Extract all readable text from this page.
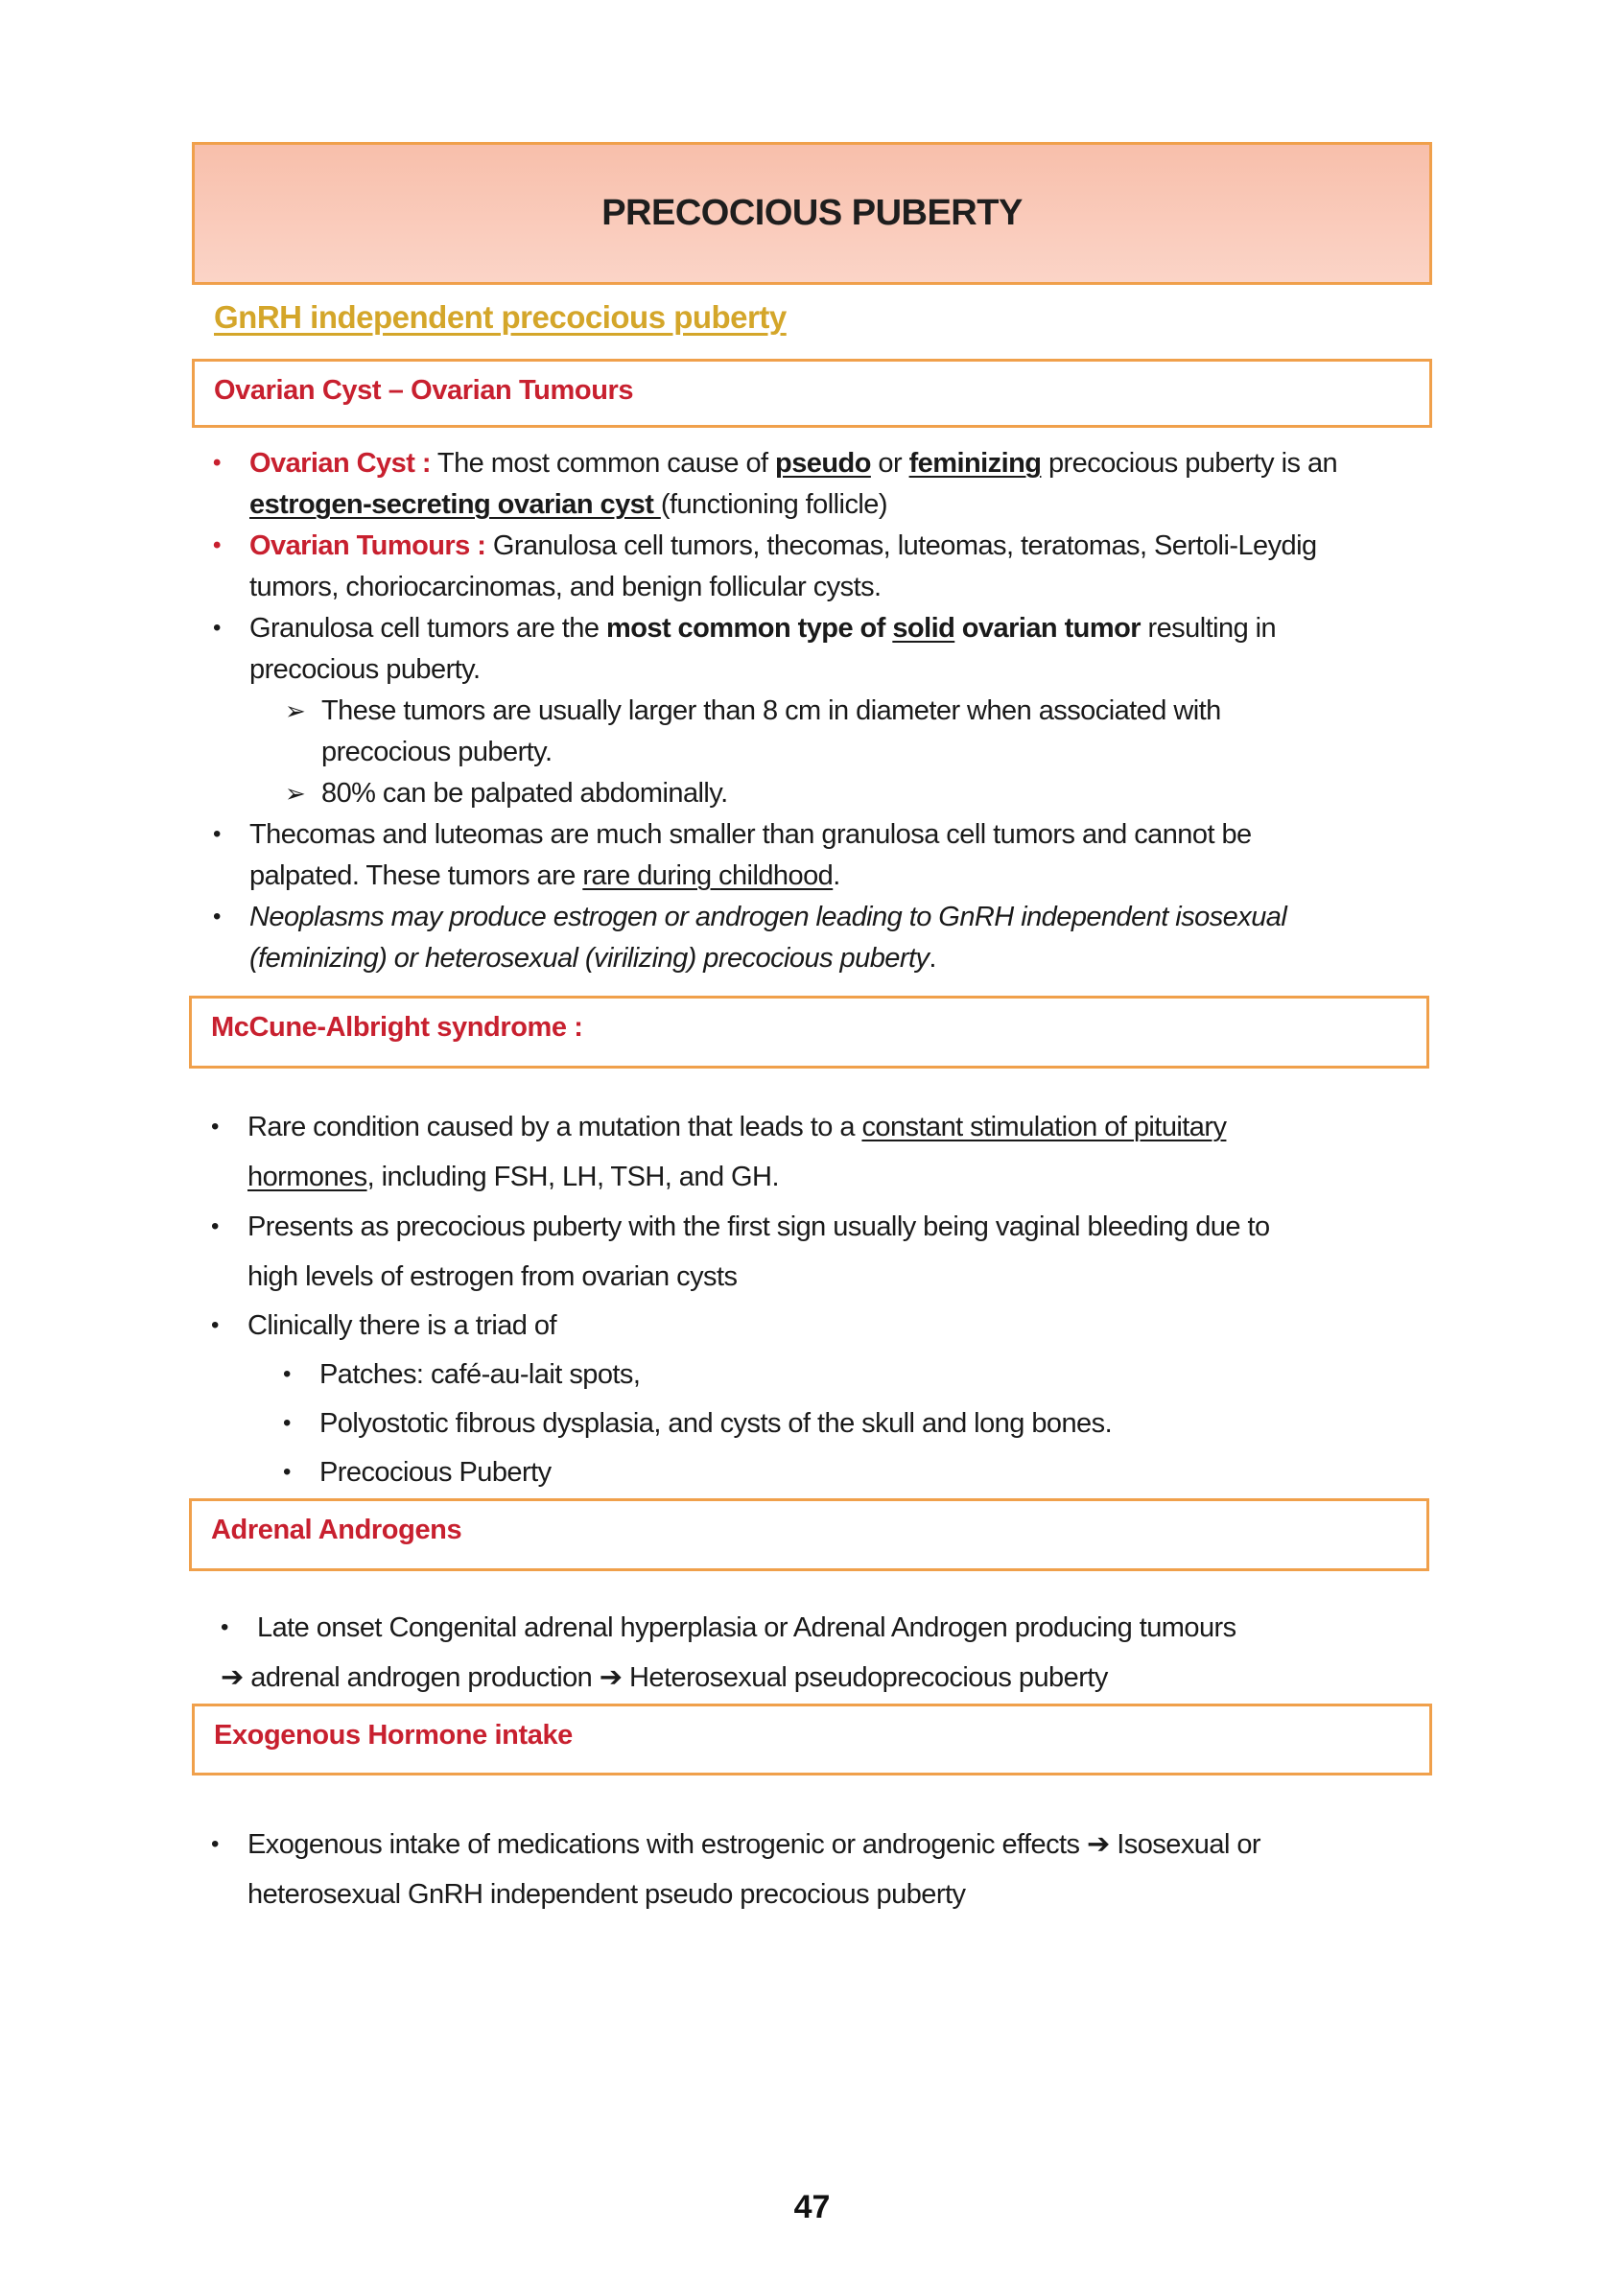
PRECOCIOUS PUBERTY
GnRH independent precocious puberty
Ovarian Cyst – Ovarian Tumours
• Ovarian Cyst : The most common cause of pseudo or feminizing precocious puberty is an
estrogen-secreting ovarian cyst (functioning follicle)
• Ovarian Tumours : Granulosa cell tumors, thecomas, luteomas, teratomas, Sertoli-Leydig
tumors, choriocarcinomas, and benign follicular cysts.
• Granulosa cell tumors are the most common type of solid ovarian tumor resulting in
precocious puberty.
➢ These tumors are usually larger than 8 cm in diameter when associated with
precocious puberty.
➢ 80% can be palpated abdominally.
• Thecomas and luteomas are much smaller than granulosa cell tumors and cannot be
palpated. These tumors are rare during childhood.
• Neoplasms may produce estrogen or androgen leading to GnRH independent isosexual
(feminizing) or heterosexual (virilizing) precocious puberty.
McCune-Albright syndrome :
• Rare condition caused by a mutation that leads to a constant stimulation of pituitary
hormones, including FSH, LH, TSH, and GH.
• Presents as precocious puberty with the first sign usually being vaginal bleeding due to
high levels of estrogen from ovarian cysts
• Clinically there is a triad of
• Patches: café-au-lait spots,
• Polyostotic fibrous dysplasia, and cysts of the skull and long bones.
• Precocious Puberty
Adrenal Androgens
• Late onset Congenital adrenal hyperplasia or Adrenal Androgen producing tumours
➔ adrenal androgen production ➔ Heterosexual pseudoprecocious puberty
Exogenous Hormone intake
• Exogenous intake of medications with estrogenic or androgenic effects ➔ Isosexual or
heterosexual GnRH independent pseudo precocious puberty
47
